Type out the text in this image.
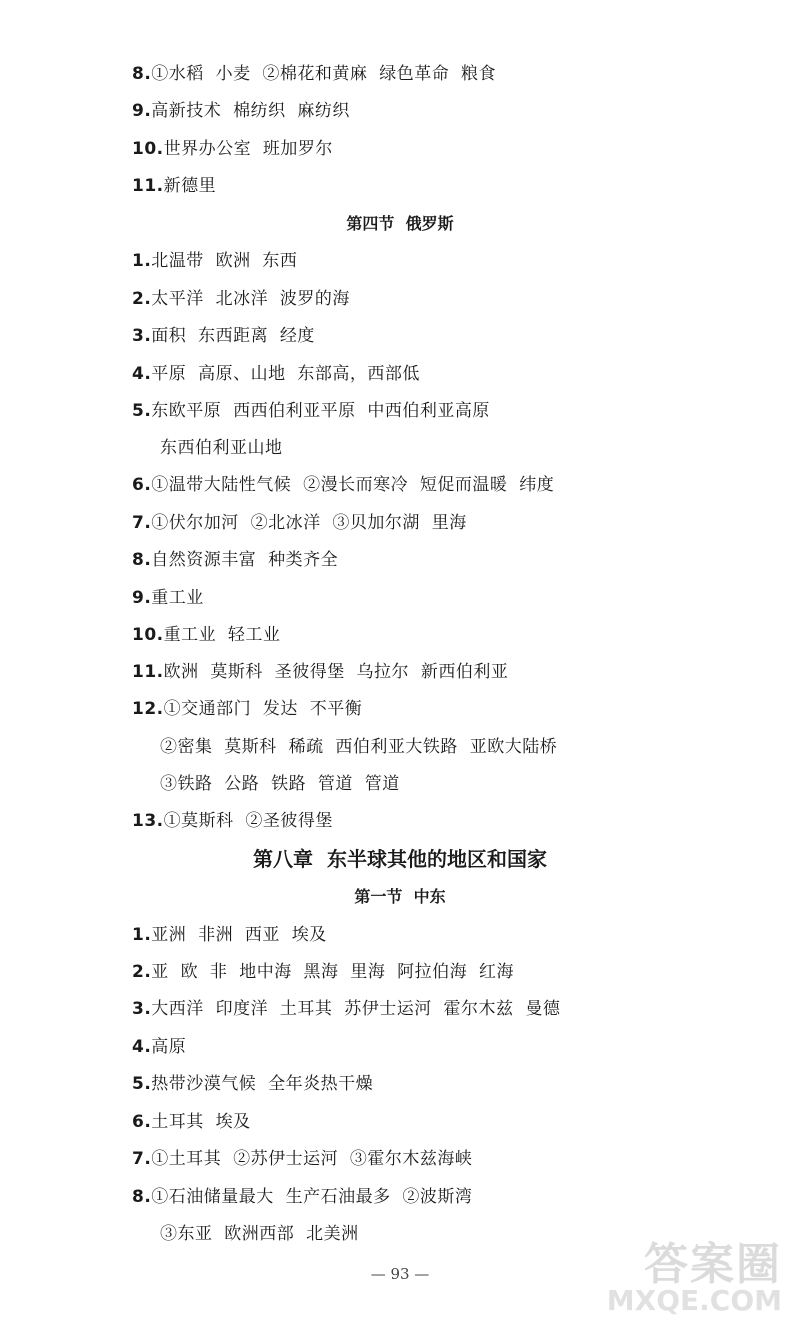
8.①水稻  小麦  ②棉花和黄麻  绿色革命  粮食
9.高新技术  棉纺织  麻纺织
10.世界办公室  班加罗尔
11.新德里
第四节  俄罗斯
1.北温带  欧洲  东西
2.太平洋  北冰洋  波罗的海
3.面积  东西距离  经度
4.平原  高原、山地  东部高，西部低
5.东欧平原  西西伯利亚平原  中西伯利亚高原
东西伯利亚山地
6.①温带大陆性气候  ②漫长而寒冷  短促而温暖  纬度
7.①伏尔加河  ②北冰洋  ③贝加尔湖  里海
8.自然资源丰富  种类齐全
9.重工业
10.重工业  轻工业
11.欧洲  莫斯科  圣彼得堡  乌拉尔  新西伯利亚
12.①交通部门  发达  不平衡
②密集  莫斯科  稀疏  西伯利亚大铁路  亚欧大陆桥
③铁路  公路  铁路  管道  管道
13.①莫斯科  ②圣彼得堡
第八章  东半球其他的地区和国家
第一节  中东
1.亚洲  非洲  西亚  埃及
2.亚  欧  非  地中海  黑海  里海  阿拉伯海  红海
3.大西洋  印度洋  土耳其  苏伊士运河  霍尔木兹  曼德
4.高原
5.热带沙漠气候  全年炎热干燥
6.土耳其  埃及
7.①土耳其  ②苏伊士运河  ③霍尔木兹海峡
8.①石油储量最大  生产石油最多  ②波斯湾
③东亚  欧洲西部  北美洲
— 93 —	答案圈
MXQE.COM
